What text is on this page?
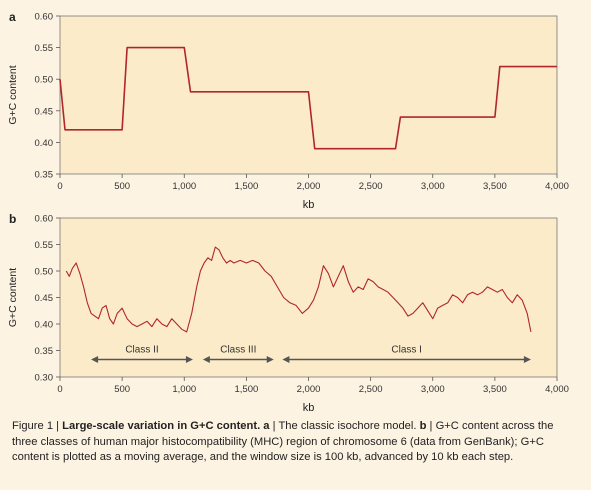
a
0.35
0.40
0.45
0.50
0.55
0.60
0	500	1,000	1,500	2,000	2,500	3,000	3,500	4,000
kb
G+C content
b
0.30
0.35
0.40
0.45
0.50
0.55
0.60
0	500	1,000	1,500	2,000	2,500	3,000	3,500	4,000
kb
G+C content
Class II	Class III	Class I
Figure 1 | Large-scale variation in G+C content. a | The classic isochore model. b | G+C content across the three classes of human major histocompatibility (MHC) region of chromosome 6 (data from GenBank); G+C content is plotted as a moving average, and the window size is 100 kb, advanced by 10 kb each step.
